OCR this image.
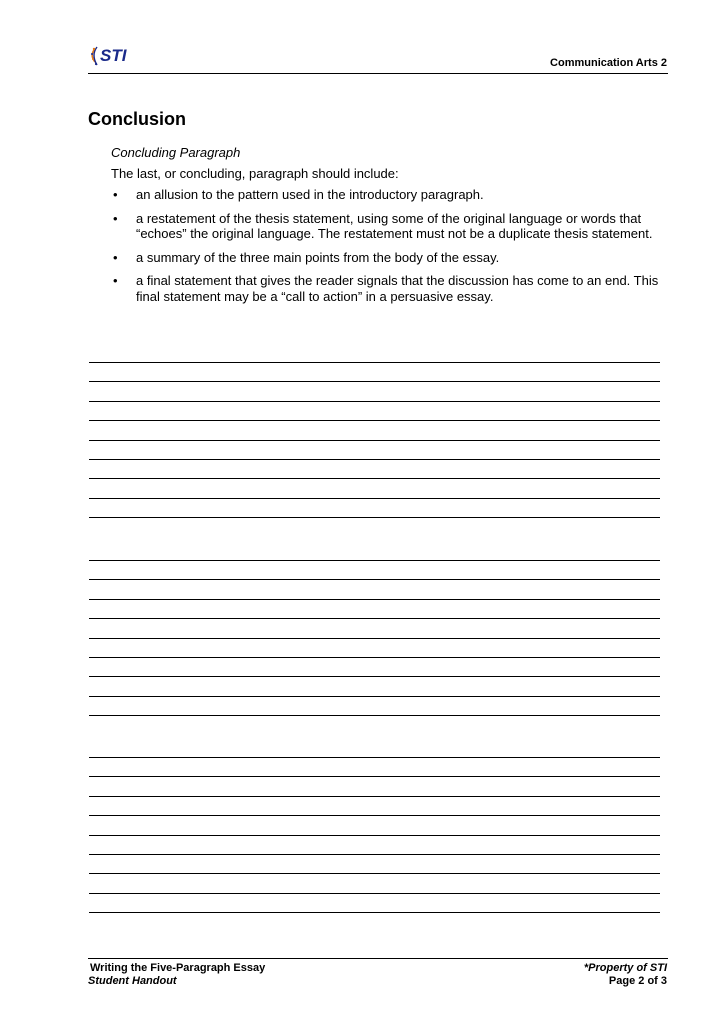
STI	Communication Arts 2
Conclusion

Concluding Paragraph

The last, or concluding, paragraph should include:

• an allusion to the pattern used in the introductory paragraph.
• a restatement of the thesis statement, using some of the original language or words that “echoes” the original language. The restatement must not be a duplicate thesis statement.
• a summary of the three main points from the body of the essay.
• a final statement that gives the reader signals that the discussion has come to an end. This final statement may be a “call to action” in a persuasive essay.
Writing the Five-Paragraph Essay
Student Handout
*Property of STI
Page 2 of 3
